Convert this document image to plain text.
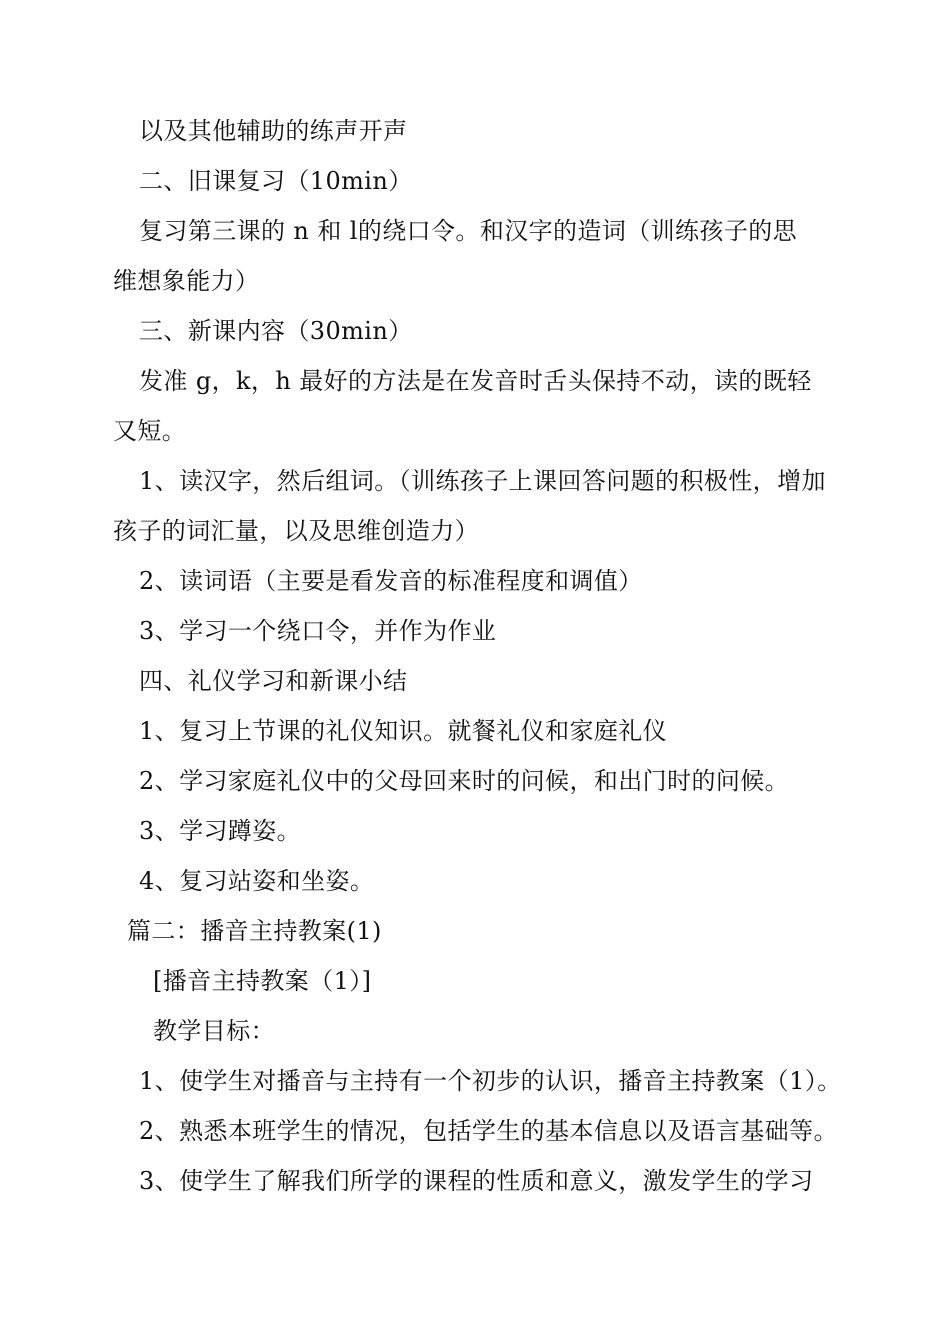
以及其他辅助的练声开声
二、旧课复习（10min）
复习第三课的 n 和 l的绕口令。和汉字的造词（训练孩子的思
维想象能力）
三、新课内容（30min）
发准 g，k，h 最好的方法是在发音时舌头保持不动，读的既轻
又短。
1、读汉字，然后组词。（训练孩子上课回答问题的积极性，增加
孩子的词汇量，以及思维创造力）
2、读词语（主要是看发音的标准程度和调值）
3、学习一个绕口令，并作为作业
四、礼仪学习和新课小结
1、复习上节课的礼仪知识。就餐礼仪和家庭礼仪
2、学习家庭礼仪中的父母回来时的问候，和出门时的问候。
3、学习蹲姿。
4、复习站姿和坐姿。
篇二：播音主持教案(1)
[播音主持教案（1）]
教学目标：
1、使学生对播音与主持有一个初步的认识，播音主持教案（1）。
2、熟悉本班学生的情况，包括学生的基本信息以及语言基础等。
3、使学生了解我们所学的课程的性质和意义，激发学生的学习
